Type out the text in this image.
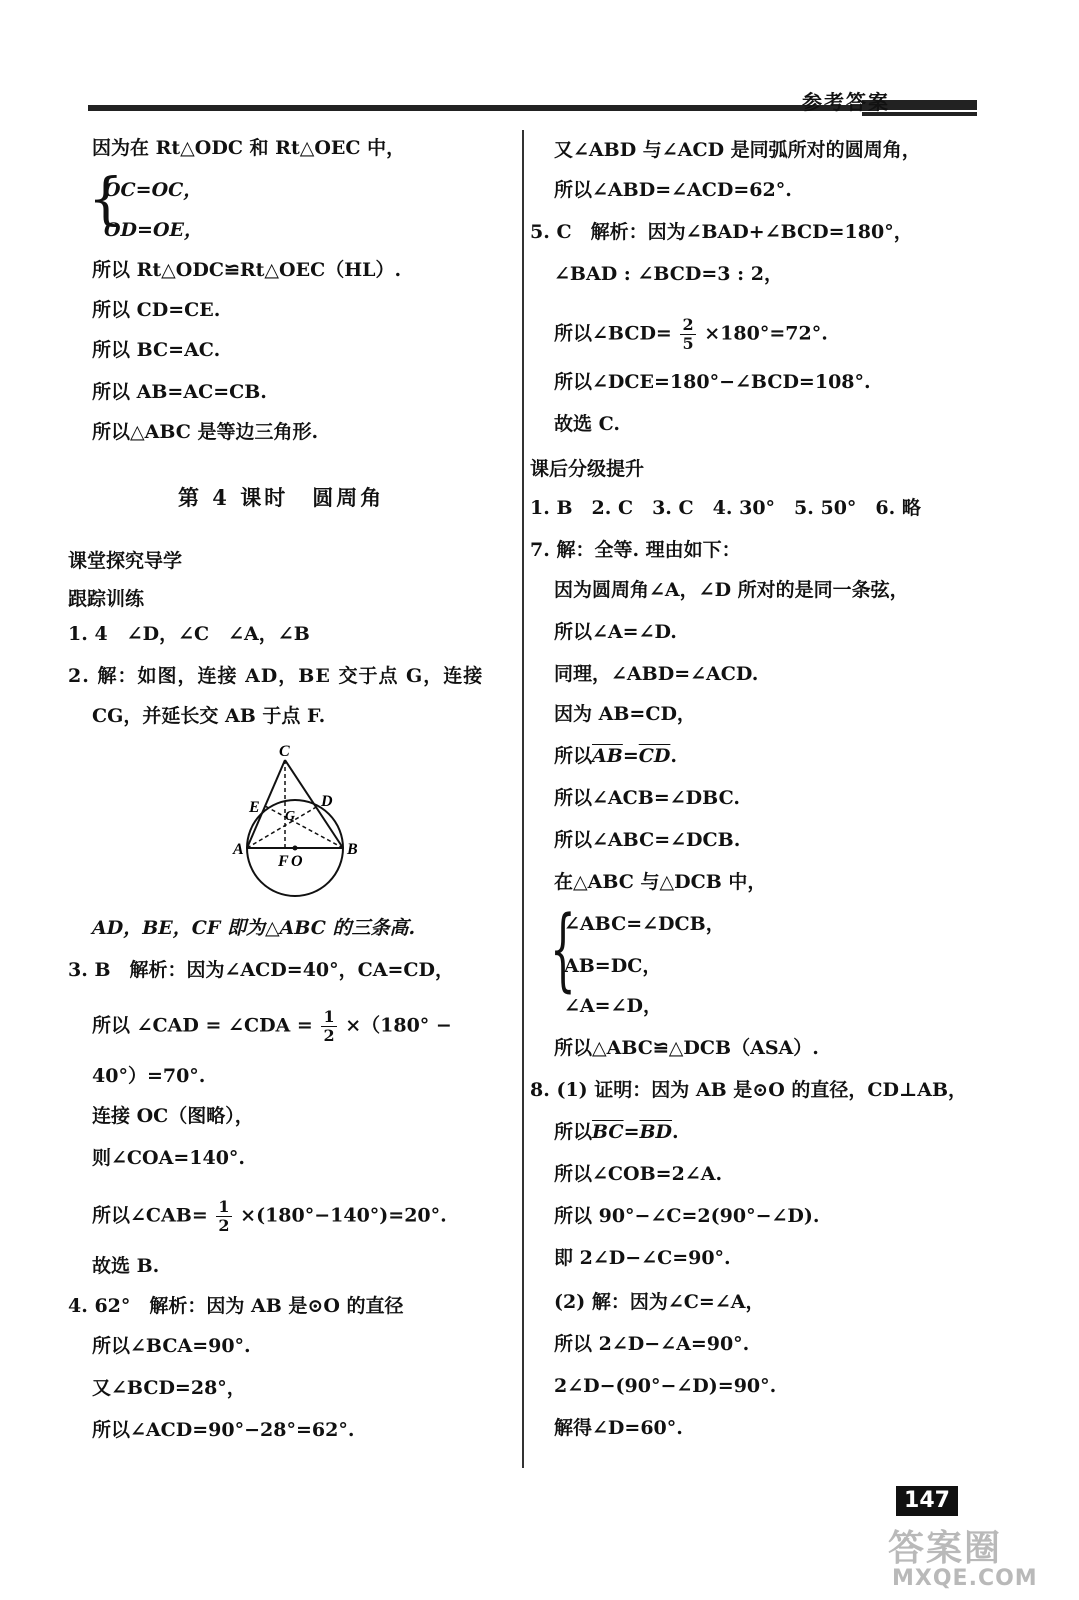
参考答案
因为在 Rt△ODC 和 Rt△OEC 中，
{
OC=OC，
OD=OE，
所以 Rt△ODC≌Rt△OEC（HL）.
所以 CD=CE.
所以 BC=AC.
所以 AB=AC=CB.
所以△ABC 是等边三角形.
第 4 课时　圆周角
课堂探究导学
跟踪训练
1. 4　∠D，∠C　∠A，∠B
2. 解：如图，连接 AD，BE 交于点 G，连接
CG，并延长交 AB 于点 F.
C
D
E
G
A	B
F O
AD，BE，CF 即为△ABC 的三条高.
3. B　解析：因为∠ACD=40°，CA=CD，
所以 ∠CAD = ∠CDA = $\frac{1}{2} \times(180^\circ$ −
40°）=70°.
连接 OC（图略），
则∠COA=140°.
所以∠CAB= $\frac{1}{2} \times(180^\circ-140^\circ)=20^\circ$.
故选 B.
4. 62°　解析：因为 AB 是⊙O 的直径
所以∠BCA=90°.
又∠BCD=28°，
所以∠ACD=90°−28°=62°.
又∠ABD 与∠ACD 是同弧所对的圆周角，
所以∠ABD=∠ACD=62°.
5. C　解析：因为∠BAD+∠BCD=180°，
∠BAD : ∠BCD=3 : 2，
所以∠BCD= $\frac{2}{5} \times 180^\circ=72^\circ$.
所以∠DCE=180°−∠BCD=108°.
故选 C.
课后分级提升
1. B　2. C　3. C　4. 30°　5. 50°　6. 略
7. 解：全等. 理由如下：
因为圆周角∠A，∠D 所对的是同一条弦，
所以∠A=∠D.
同理，∠ABD=∠ACD.
因为 AB=CD，
所以$\overline{AB}=\overline{CD}$.
所以∠ACB=∠DBC.
所以∠ABC=∠DCB.
在△ABC 与△DCB 中，
{
∠ABC=∠DCB，
AB=DC，
∠A=∠D，
所以△ABC≌△DCB（ASA）.
8. (1) 证明：因为 AB 是⊙O 的直径，CD⊥AB，
所以$\overline{BC}=\overline{BD}$.
所以∠COB=2∠A.
所以 90°−∠C=2(90°−∠D).
即 2∠D−∠C=90°.
(2) 解：因为∠C=∠A，
所以 2∠D−∠A=90°.
2∠D−(90°−∠D)=90°.
解得∠D=60°.
147
答案圈
MXQE.COM
